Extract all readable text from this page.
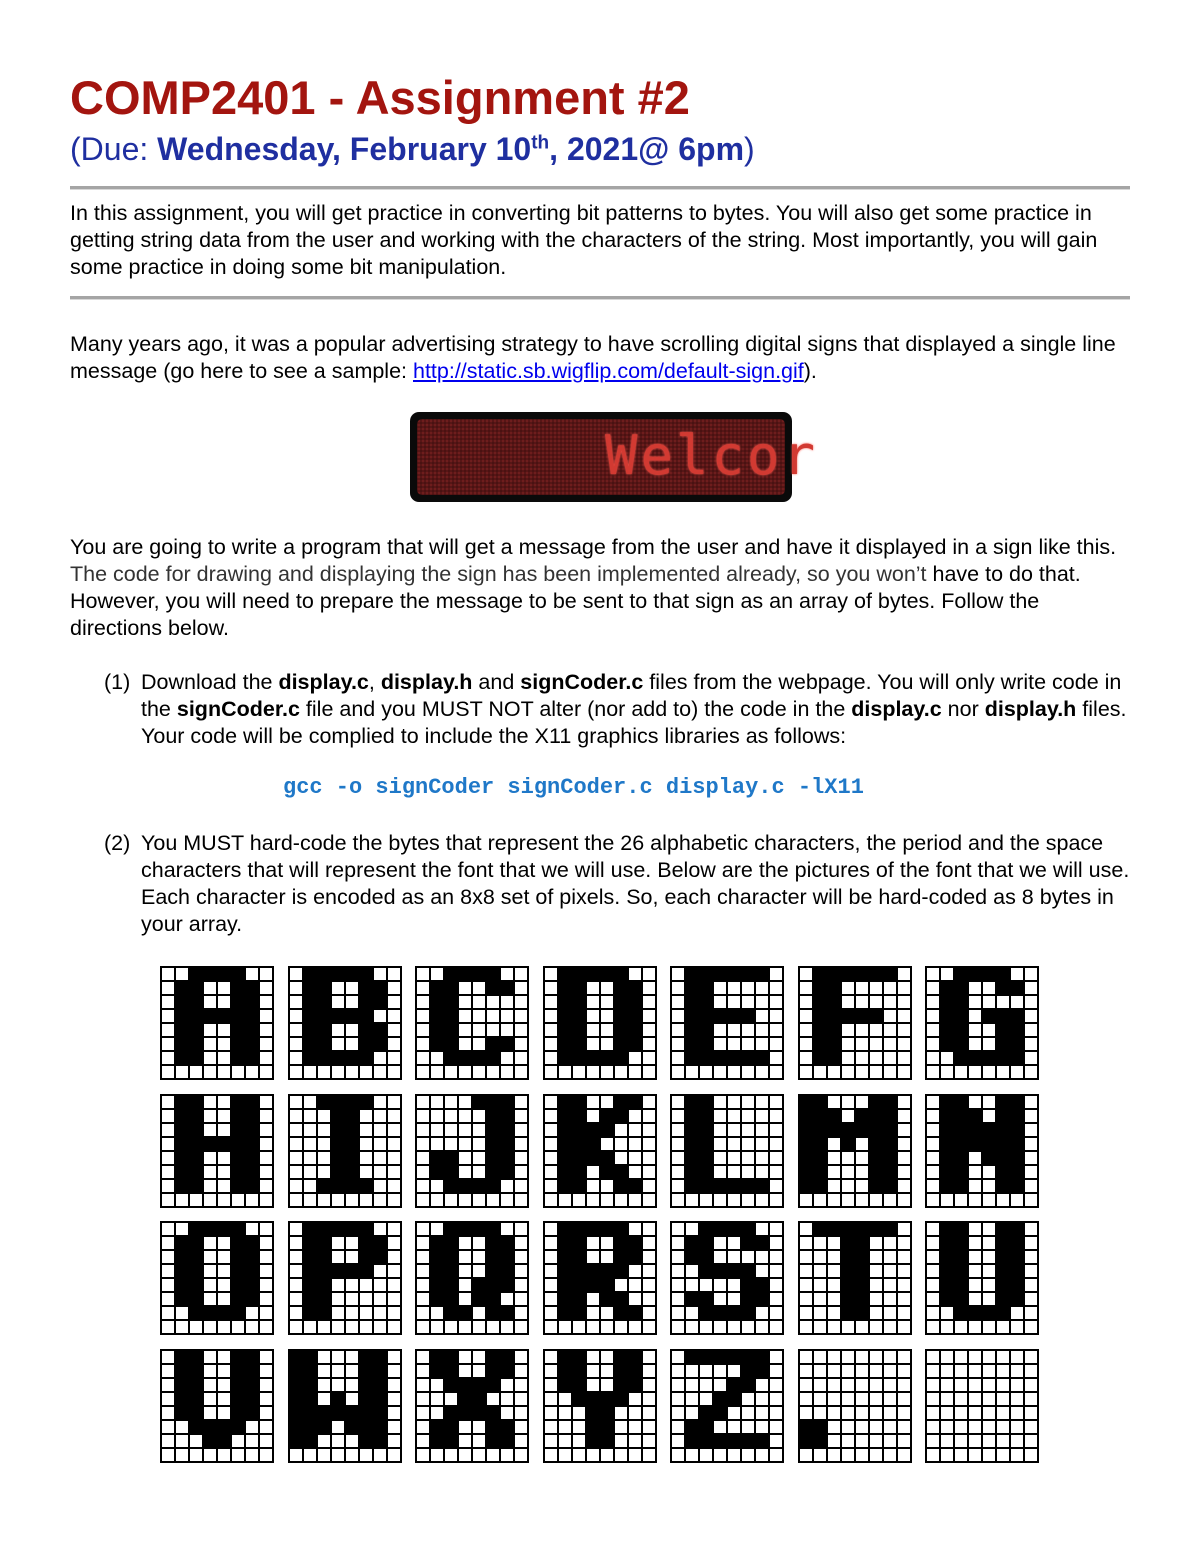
COMP2401 - Assignment #2
(Due: Wednesday, February 10th, 2021@ 6pm)

In this assignment, you will get practice in converting bit patterns to bytes. You will also get some practice in getting string data from the user and working with the characters of the string. Most importantly, you will gain some practice in doing some bit manipulation.

Many years ago, it was a popular advertising strategy to have scrolling digital signs that displayed a single line message (go here to see a sample: http://static.sb.wigflip.com/default-sign.gif).

Welcor

You are going to write a program that will get a message from the user and have it displayed in a sign like this. The code for drawing and displaying the sign has been implemented already, so you won’t have to do that. However, you will need to prepare the message to be sent to that sign as an array of bytes. Follow the directions below.

(1) Download the display.c, display.h and signCoder.c files from the webpage. You will only write code in the signCoder.c file and you MUST NOT alter (nor add to) the code in the display.c nor display.h files. Your code will be complied to include the X11 graphics libraries as follows:
gcc -o signCoder signCoder.c display.c -lX11
(2) You MUST hard-code the bytes that represent the 26 alphabetic characters, the period and the space characters that will represent the font that we will use. Below are the pictures of the font that we will use. Each character is encoded as an 8x8 set of pixels. So, each character will be hard-coded as 8 bytes in your array.
